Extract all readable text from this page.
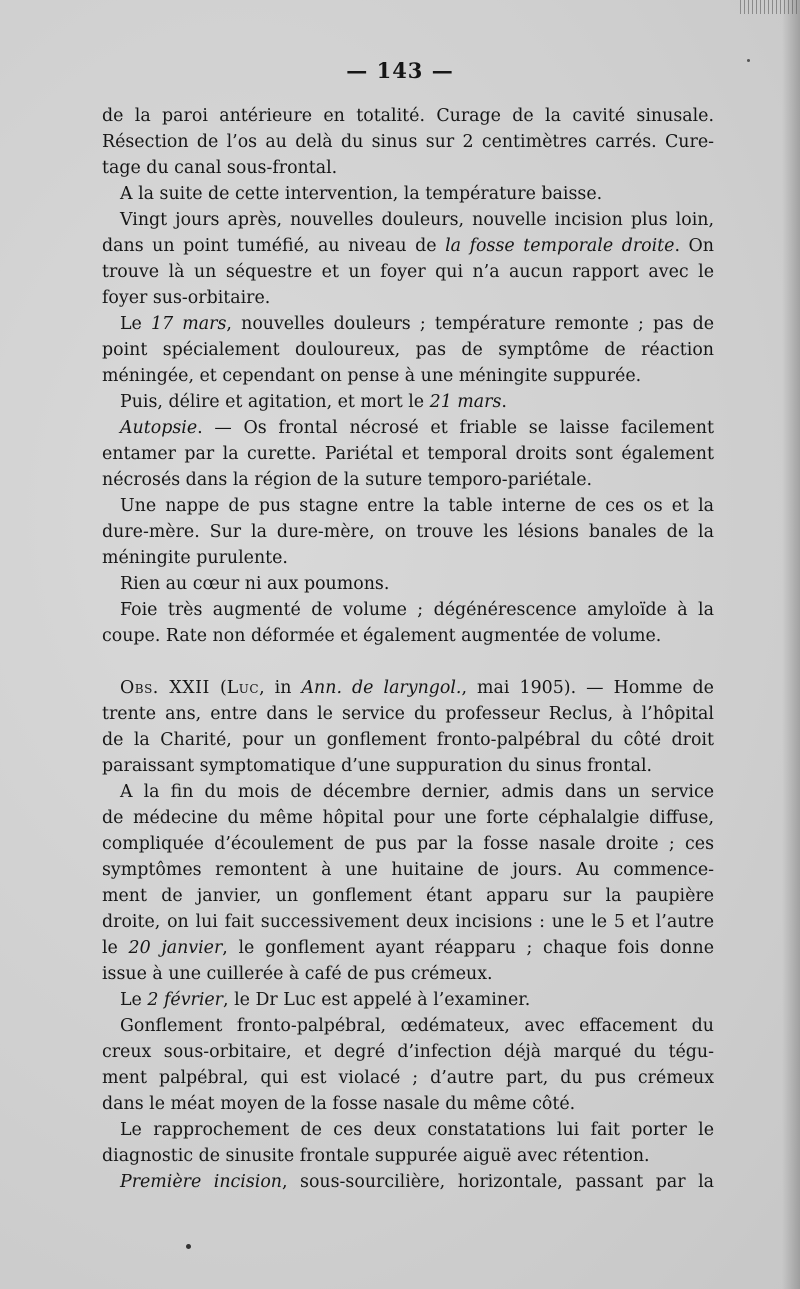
— 143 —
de la paroi antérieure en totalité. Curage de la cavité sinusale.
Résection de l’os au delà du sinus sur 2 centimètres carrés. Cure-
tage du canal sous-frontal.
A la suite de cette intervention, la température baisse.
Vingt jours après, nouvelles douleurs, nouvelle incision plus loin,
dans un point tuméfié, au niveau de la fosse temporale droite. On
trouve là un séquestre et un foyer qui n’a aucun rapport avec le
foyer sus-orbitaire.
Le 17 mars, nouvelles douleurs ; température remonte ; pas de
point spécialement douloureux, pas de symptôme de réaction
méningée, et cependant on pense à une méningite suppurée.
Puis, délire et agitation, et mort le 21 mars.
Autopsie. — Os frontal nécrosé et friable se laisse facilement
entamer par la curette. Pariétal et temporal droits sont également
nécrosés dans la région de la suture temporo-pariétale.
Une nappe de pus stagne entre la table interne de ces os et la
dure-mère. Sur la dure-mère, on trouve les lésions banales de la
méningite purulente.
Rien au cœur ni aux poumons.
Foie très augmenté de volume ; dégénérescence amyloïde à la
coupe. Rate non déformée et également augmentée de volume.
Obs. XXII (Luc, in Ann. de laryngol., mai 1905). — Homme de
trente ans, entre dans le service du professeur Reclus, à l’hôpital
de la Charité, pour un gonflement fronto-palpébral du côté droit
paraissant symptomatique d’une suppuration du sinus frontal.
A la fin du mois de décembre dernier, admis dans un service
de médecine du même hôpital pour une forte céphalalgie diffuse,
compliquée d’écoulement de pus par la fosse nasale droite ; ces
symptômes remontent à une huitaine de jours. Au commence-
ment de janvier, un gonflement étant apparu sur la paupière
droite, on lui fait successivement deux incisions : une le 5 et l’autre
le 20 janvier, le gonflement ayant réapparu ; chaque fois donne
issue à une cuillerée à café de pus crémeux.
Le 2 février, le Dr Luc est appelé à l’examiner.
Gonflement fronto-palpébral, œdémateux, avec effacement du
creux sous-orbitaire, et degré d’infection déjà marqué du tégu-
ment palpébral, qui est violacé ; d’autre part, du pus crémeux
dans le méat moyen de la fosse nasale du même côté.
Le rapprochement de ces deux constatations lui fait porter le
diagnostic de sinusite frontale suppurée aiguë avec rétention.
Première incision, sous-sourcilière, horizontale, passant par la
